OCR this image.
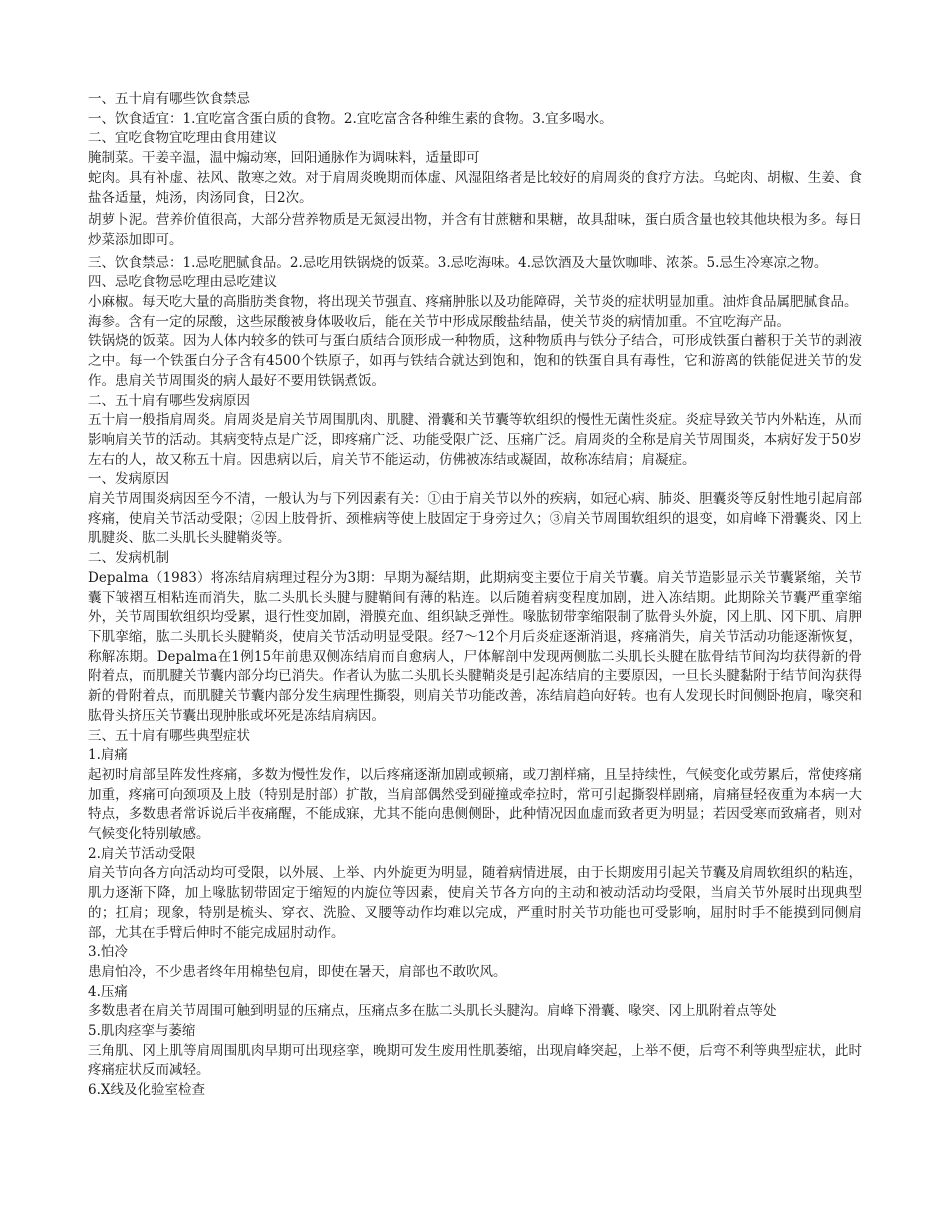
一、五十肩有哪些饮食禁忌

一、饮食适宜：1.宜吃富含蛋白质的食物。2.宜吃富含各种维生素的食物。3.宜多喝水。

二、宜吃食物宜吃理由食用建议

腌制菜。干姜辛温，温中煽动寒，回阳通脉作为调味料，适量即可

蛇肉。具有补虚、祛风、散寒之效。对于肩周炎晚期而体虚、风湿阻络者是比较好的肩周炎的食疗方法。乌蛇肉、胡椒、生姜、食盐各适量，炖汤，肉汤同食，日2次。

胡萝卜泥。营养价值很高，大部分营养物质是无氮浸出物，并含有甘蔗糖和果糖，故具甜味，蛋白质含量也较其他块根为多。每日炒菜添加即可。

三、饮食禁忌：1.忌吃肥腻食品。2.忌吃用铁锅烧的饭菜。3.忌吃海味。4.忌饮酒及大量饮咖啡、浓茶。5.忌生冷寒凉之物。

四、忌吃食物忌吃理由忌吃建议

小麻椒。每天吃大量的高脂肪类食物，将出现关节强直、疼痛肿胀以及功能障碍，关节炎的症状明显加重。油炸食品属肥腻食品。

海参。含有一定的尿酸，这些尿酸被身体吸收后，能在关节中形成尿酸盐结晶，使关节炎的病情加重。不宜吃海产品。

铁锅烧的饭菜。因为人体内较多的铁可与蛋白质结合顶形成一种物质，这种物质冉与铁分子结合，可形成铁蛋白蓄积于关节的剥液之中。每一个铁蛋白分子含有4500个铁原子，如再与铁结合就达到饱和，饱和的铁蛋自具有毒性，它和游离的铁能促进关节的发作。患肩关节周围炎的病人最好不要用铁锅煮饭。

二、五十肩有哪些发病原因

五十肩一般指肩周炎。肩周炎是肩关节周围肌肉、肌腱、滑囊和关节囊等软组织的慢性无菌性炎症。炎症导致关节内外粘连，从而影响肩关节的活动。其病变特点是广泛，即疼痛广泛、功能受限广泛、压痛广泛。肩周炎的全称是肩关节周围炎，本病好发于50岁左右的人，故又称五十肩。因患病以后，肩关节不能运动，仿佛被冻结或凝固，故称冻结肩；肩凝症。

一、发病原因

肩关节周围炎病因至今不清，一般认为与下列因素有关：①由于肩关节以外的疾病，如冠心病、肺炎、胆囊炎等反射性地引起肩部疼痛，使肩关节活动受限；②因上肢骨折、颈椎病等使上肢固定于身旁过久；③肩关节周围软组织的退变，如肩峰下滑囊炎、冈上肌腱炎、肱二头肌长头腱鞘炎等。

二、发病机制

Depalma（1983）将冻结肩病理过程分为3期：早期为凝结期，此期病变主要位于肩关节囊。肩关节造影显示关节囊紧缩，关节囊下皱褶互相粘连而消失，肱二头肌长头腱与腱鞘间有薄的粘连。以后随着病变程度加剧，进入冻结期。此期除关节囊严重挛缩外，关节周围软组织均受累，退行性变加剧，滑膜充血、组织缺乏弹性。喙肱韧带挛缩限制了肱骨头外旋，冈上肌、冈下肌、肩胛下肌挛缩，肱二头肌长头腱鞘炎，使肩关节活动明显受限。经7～12个月后炎症逐渐消退，疼痛消失，肩关节活动功能逐渐恢复，称解冻期。Depalma在1例15年前患双侧冻结肩而自愈病人，尸体解剖中发现两侧肱二头肌长头腱在肱骨结节间沟均获得新的骨附着点，而肌腱关节囊内部分均已消失。作者认为肱二头肌长头腱鞘炎是引起冻结肩的主要原因，一旦长头腱黏附于结节间沟获得新的骨附着点，而肌腱关节囊内部分发生病理性撕裂，则肩关节功能改善，冻结肩趋向好转。也有人发现长时间侧卧抱肩，喙突和肱骨头挤压关节囊出现肿胀或坏死是冻结肩病因。

三、五十肩有哪些典型症状

1.肩痛

起初时肩部呈阵发性疼痛，多数为慢性发作，以后疼痛逐渐加剧或顿痛，或刀割样痛，且呈持续性，气候变化或劳累后，常使疼痛加重，疼痛可向颈项及上肢（特别是肘部）扩散，当肩部偶然受到碰撞或牵拉时，常可引起撕裂样剧痛，肩痛昼轻夜重为本病一大特点，多数患者常诉说后半夜痛醒，不能成寐，尤其不能向患侧侧卧，此种情况因血虚而致者更为明显；若因受寒而致痛者，则对气候变化特别敏感。

2.肩关节活动受限

肩关节向各方向活动均可受限，以外展、上举、内外旋更为明显，随着病情进展，由于长期废用引起关节囊及肩周软组织的粘连，肌力逐渐下降，加上喙肱韧带固定于缩短的内旋位等因素，使肩关节各方向的主动和被动活动均受限，当肩关节外展时出现典型的；扛肩；现象，特别是梳头、穿衣、洗脸、叉腰等动作均难以完成，严重时肘关节功能也可受影响，屈肘时手不能摸到同侧肩部，尤其在手臂后伸时不能完成屈肘动作。

3.怕冷

患肩怕冷，不少患者终年用棉垫包肩，即使在暑天，肩部也不敢吹风。

4.压痛

多数患者在肩关节周围可触到明显的压痛点，压痛点多在肱二头肌长头腱沟。肩峰下滑囊、喙突、冈上肌附着点等处

5.肌肉痉挛与萎缩

三角肌、冈上肌等肩周围肌肉早期可出现痉挛，晚期可发生废用性肌萎缩，出现肩峰突起，上举不便，后弯不利等典型症状，此时疼痛症状反而减轻。

6.X线及化验室检查
